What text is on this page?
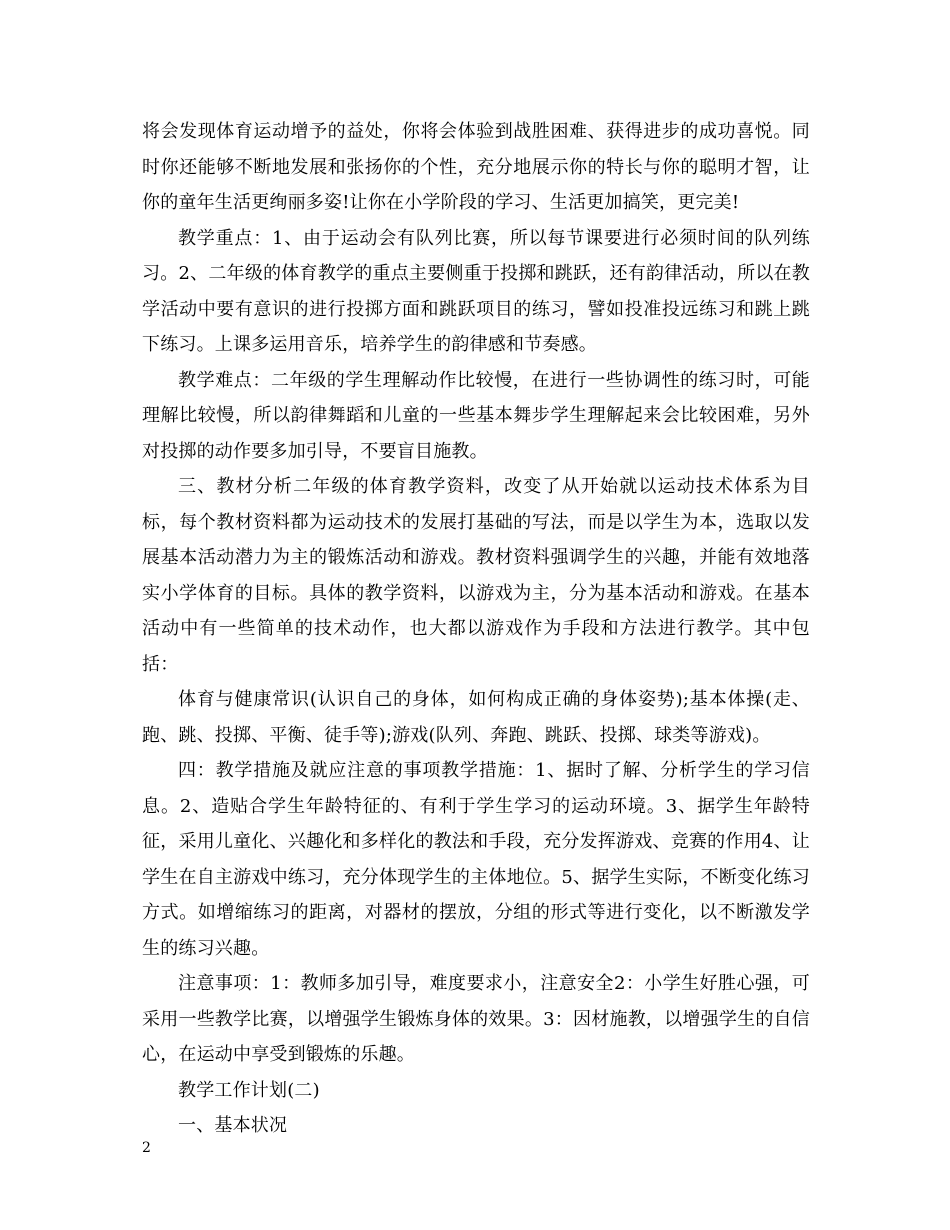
将会发现体育运动增予的益处，你将会体验到战胜困难、获得进步的成功喜悦。同时你还能够不断地发展和张扬你的个性，充分地展示你的特长与你的聪明才智，让你的童年生活更绚丽多姿!让你在小学阶段的学习、生活更加搞笑，更完美!

教学重点：1、由于运动会有队列比赛，所以每节课要进行必须时间的队列练习。2、二年级的体育教学的重点主要侧重于投掷和跳跃，还有韵律活动，所以在教学活动中要有意识的进行投掷方面和跳跃项目的练习，譬如投准投远练习和跳上跳下练习。上课多运用音乐，培养学生的韵律感和节奏感。

教学难点：二年级的学生理解动作比较慢，在进行一些协调性的练习时，可能理解比较慢，所以韵律舞蹈和儿童的一些基本舞步学生理解起来会比较困难，另外对投掷的动作要多加引导，不要盲目施教。

三、教材分析二年级的体育教学资料，改变了从开始就以运动技术体系为目标，每个教材资料都为运动技术的发展打基础的写法，而是以学生为本，选取以发展基本活动潜力为主的锻炼活动和游戏。教材资料强调学生的兴趣，并能有效地落实小学体育的目标。具体的教学资料，以游戏为主，分为基本活动和游戏。在基本活动中有一些简单的技术动作，也大都以游戏作为手段和方法进行教学。其中包括：

体育与健康常识(认识自己的身体，如何构成正确的身体姿势);基本体操(走、跑、跳、投掷、平衡、徒手等);游戏(队列、奔跑、跳跃、投掷、球类等游戏)。

四：教学措施及就应注意的事项教学措施：1、据时了解、分析学生的学习信息。2、造贴合学生年龄特征的、有利于学生学习的运动环境。3、据学生年龄特征，采用儿童化、兴趣化和多样化的教法和手段，充分发挥游戏、竞赛的作用4、让学生在自主游戏中练习，充分体现学生的主体地位。5、据学生实际，不断变化练习方式。如增缩练习的距离，对器材的摆放，分组的形式等进行变化，以不断激发学生的练习兴趣。

注意事项：1：教师多加引导，难度要求小，注意安全2：小学生好胜心强，可采用一些教学比赛，以增强学生锻炼身体的效果。3：因材施教，以增强学生的自信心，在运动中享受到锻炼的乐趣。

教学工作计划(二)

一、基本状况

2
